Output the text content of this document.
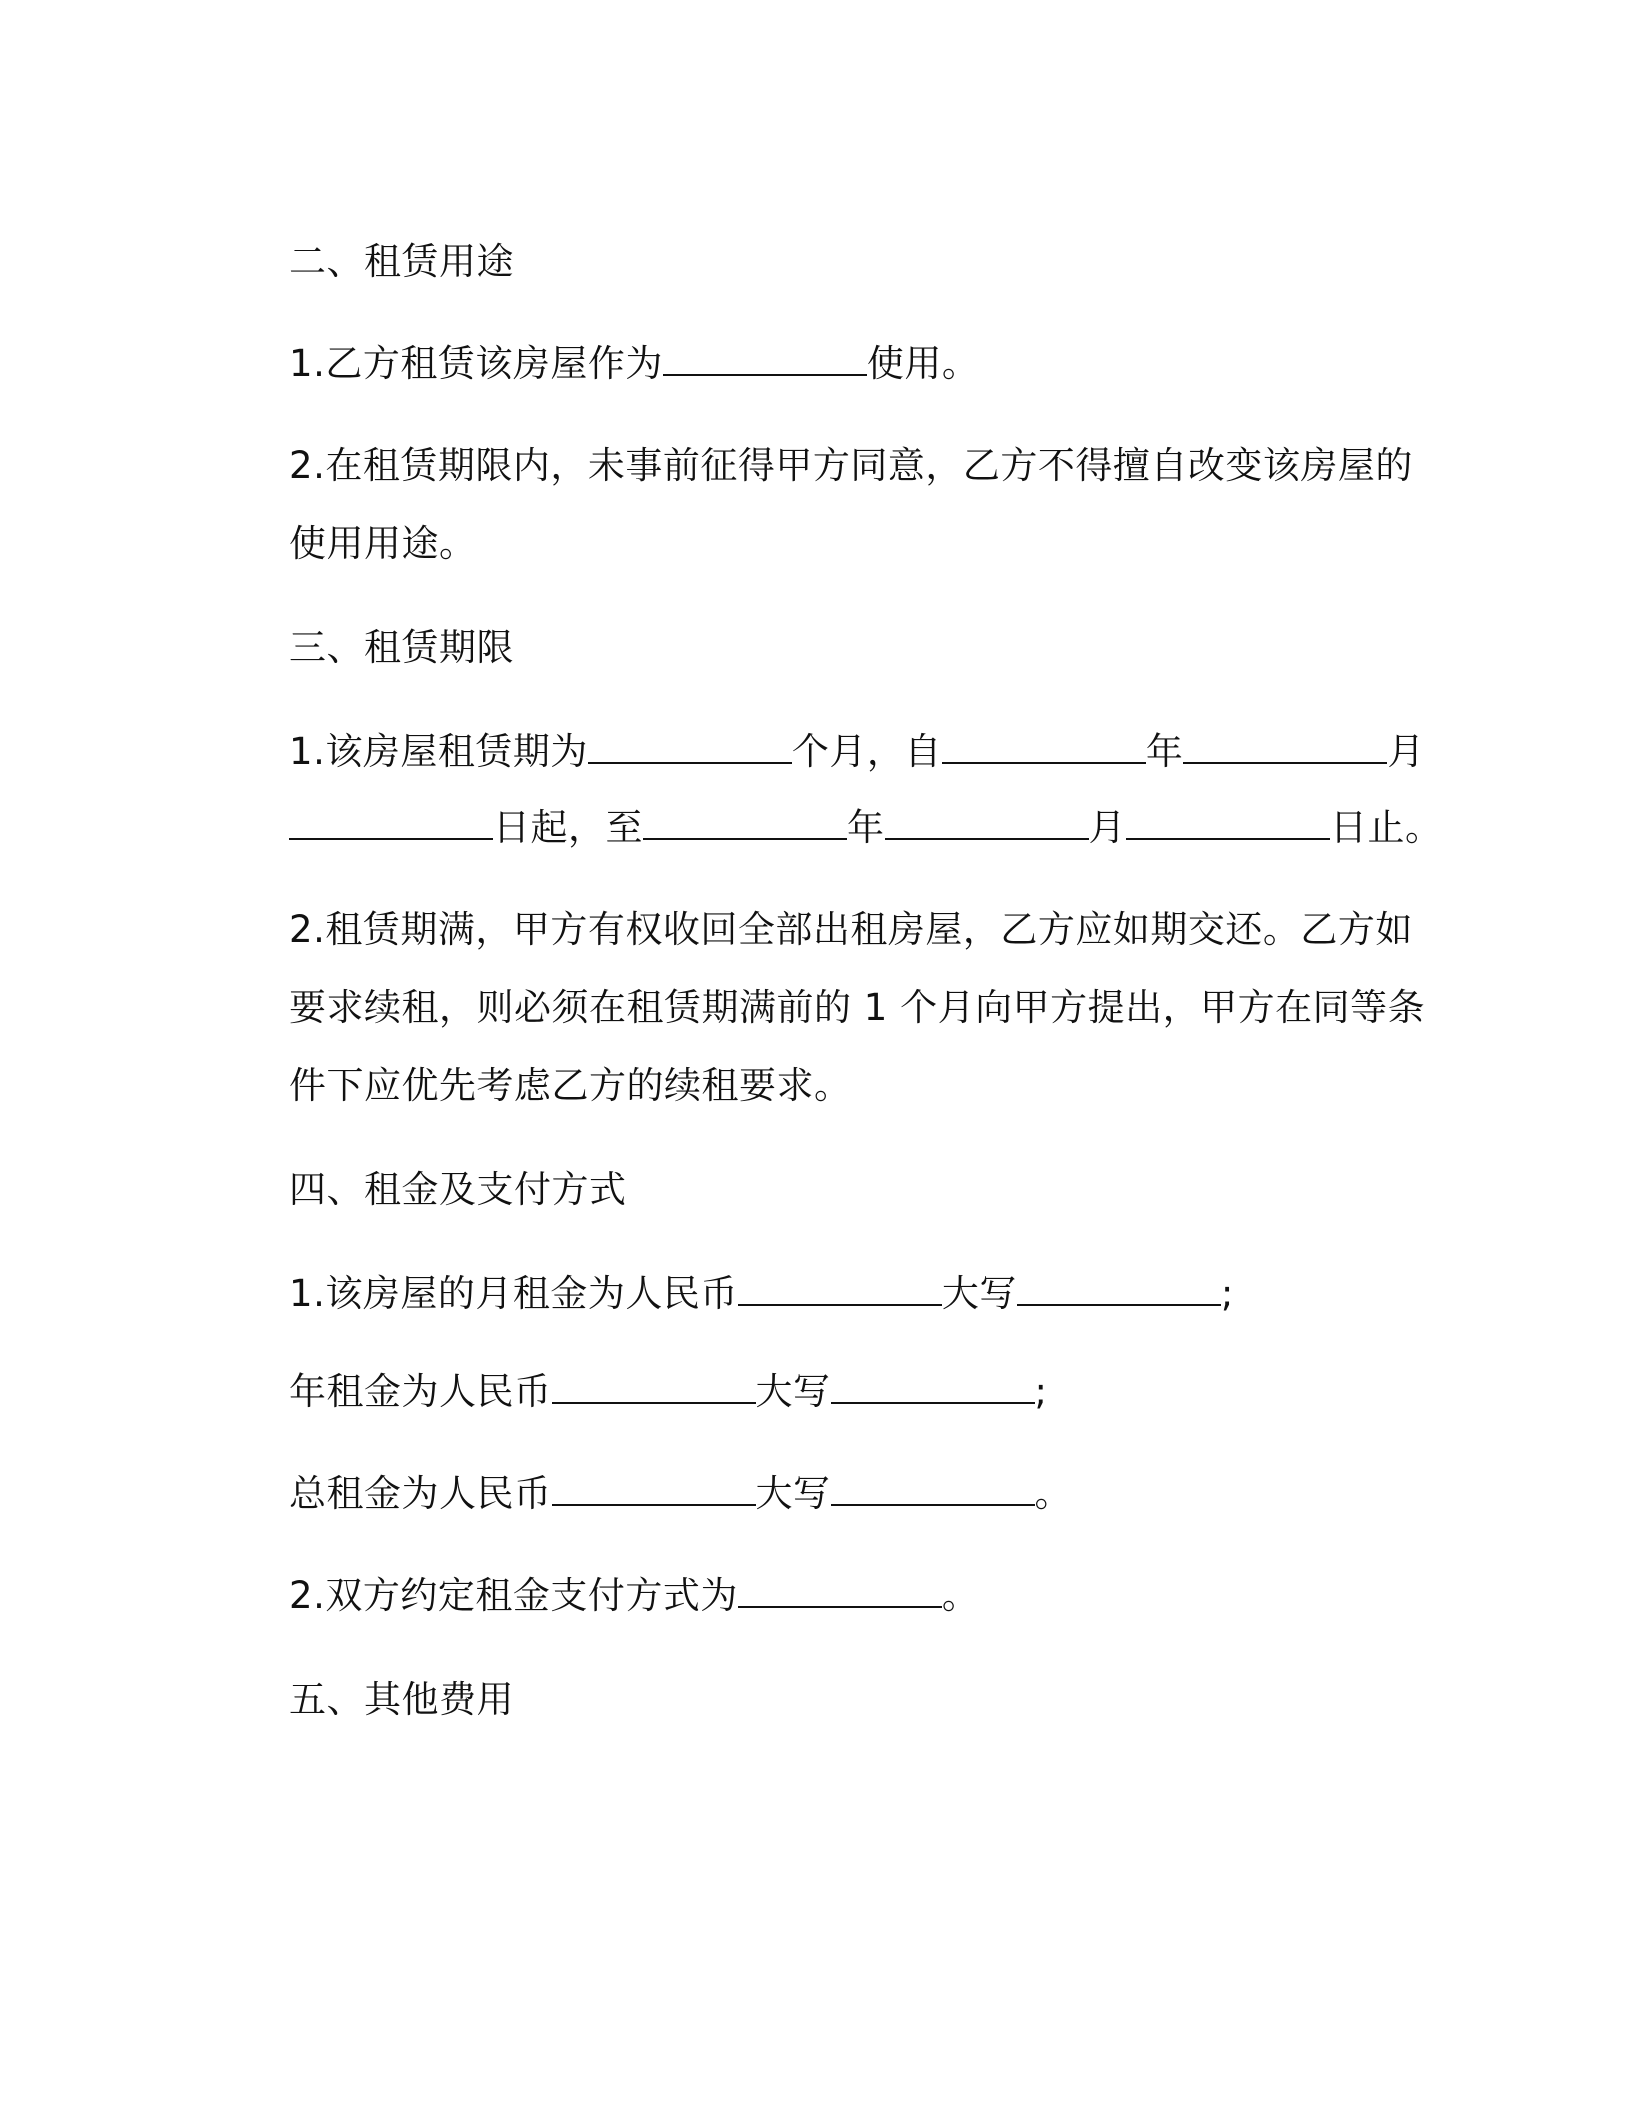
二、租赁用途

1.乙方租赁该房屋作为	使用。

2.在租赁期限内，未事前征得甲方同意，乙方不得擅自改变该房屋的

使用用途。

三、租赁期限

1.该房屋租赁期为	个月，自	年	月

日起，至	年	月	日止。

2.租赁期满，甲方有权收回全部出租房屋，乙方应如期交还。乙方如

要求续租，则必须在租赁期满前的 1 个月向甲方提出，甲方在同等条

件下应优先考虑乙方的续租要求。

四、租金及支付方式

1.该房屋的月租金为人民币	大写	;

年租金为人民币	大写	;

总租金为人民币	大写	。

2.双方约定租金支付方式为	。

五、其他费用
